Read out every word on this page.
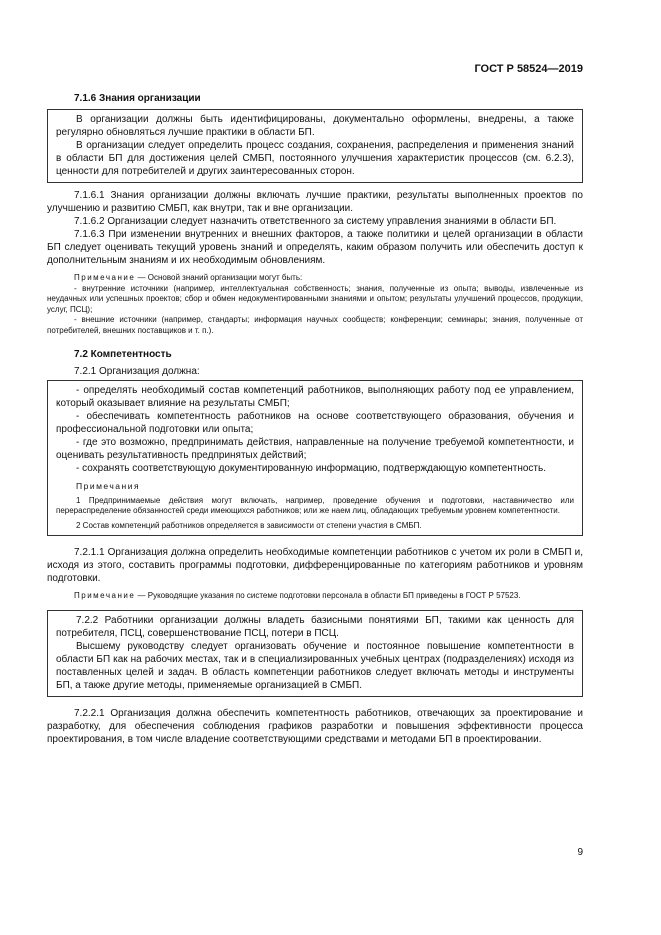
ГОСТ Р 58524—2019

7.1.6 Знания организации

В организации должны быть идентифицированы, документально оформлены, внедрены, а также регулярно обновляться лучшие практики в области БП.

В организации следует определить процесс создания, сохранения, распределения и применения знаний в области БП для достижения целей СМБП, постоянного улучшения характеристик процессов (см. 6.2.3), ценности для потребителей и других заинтересованных сторон.

7.1.6.1 Знания организации должны включать лучшие практики, результаты выполненных проектов по улучшению и развитию СМБП, как внутри, так и вне организации.

7.1.6.2 Организации следует назначить ответственного за систему управления знаниями в области БП.

7.1.6.3 При изменении внутренних и внешних факторов, а также политики и целей организации в области БП следует оценивать текущий уровень знаний и определять, каким образом получить или обеспечить доступ к дополнительным знаниям и их необходимым обновлениям.

Примечание — Основой знаний организации могут быть:

- внутренние источники (например, интеллектуальная собственность; знания, полученные из опыта; выводы, извлеченные из неудачных или успешных проектов; сбор и обмен недокументированными знаниями и опытом; результаты улучшений процессов, продукции, услуг, ПСЦ);

- внешние источники (например, стандарты; информация научных сообществ; конференции; семинары; знания, полученные от потребителей, внешних поставщиков и т. п.).

7.2 Компетентность

7.2.1 Организация должна:

- определять необходимый состав компетенций работников, выполняющих работу под ее управлением, который оказывает влияние на результаты СМБП;

- обеспечивать компетентность работников на основе соответствующего образования, обучения и профессиональной подготовки или опыта;

- где это возможно, предпринимать действия, направленные на получение требуемой компетентности, и оценивать результативность предпринятых действий;

- сохранять соответствующую документированную информацию, подтверждающую компетентность.

Примечания

1 Предпринимаемые действия могут включать, например, проведение обучения и подготовки, наставничество или перераспределение обязанностей среди имеющихся работников; или же наем лиц, обладающих требуемым уровнем компетентности.

2 Состав компетенций работников определяется в зависимости от степени участия в СМБП.

7.2.1.1 Организация должна определить необходимые компетенции работников с учетом их роли в СМБП и, исходя из этого, составить программы подготовки, дифференцированные по категориям работников и уровням подготовки.

Примечание — Руководящие указания по системе подготовки персонала в области БП приведены в ГОСТ Р 57523.

7.2.2 Работники организации должны владеть базисными понятиями БП, такими как ценность для потребителя, ПСЦ, совершенствование ПСЦ, потери в ПСЦ.

Высшему руководству следует организовать обучение и постоянное повышение компетентности в области БП как на рабочих местах, так и в специализированных учебных центрах (подразделениях) исходя из поставленных целей и задач. В область компетенции работников следует включать методы и инструменты БП, а также другие методы, применяемые организацией в СМБП.

7.2.2.1 Организация должна обеспечить компетентность работников, отвечающих за проектирование и разработку, для обеспечения соблюдения графиков разработки и повышения эффективности процесса проектирования, в том числе владение соответствующими средствами и методами БП в проектировании.

9
